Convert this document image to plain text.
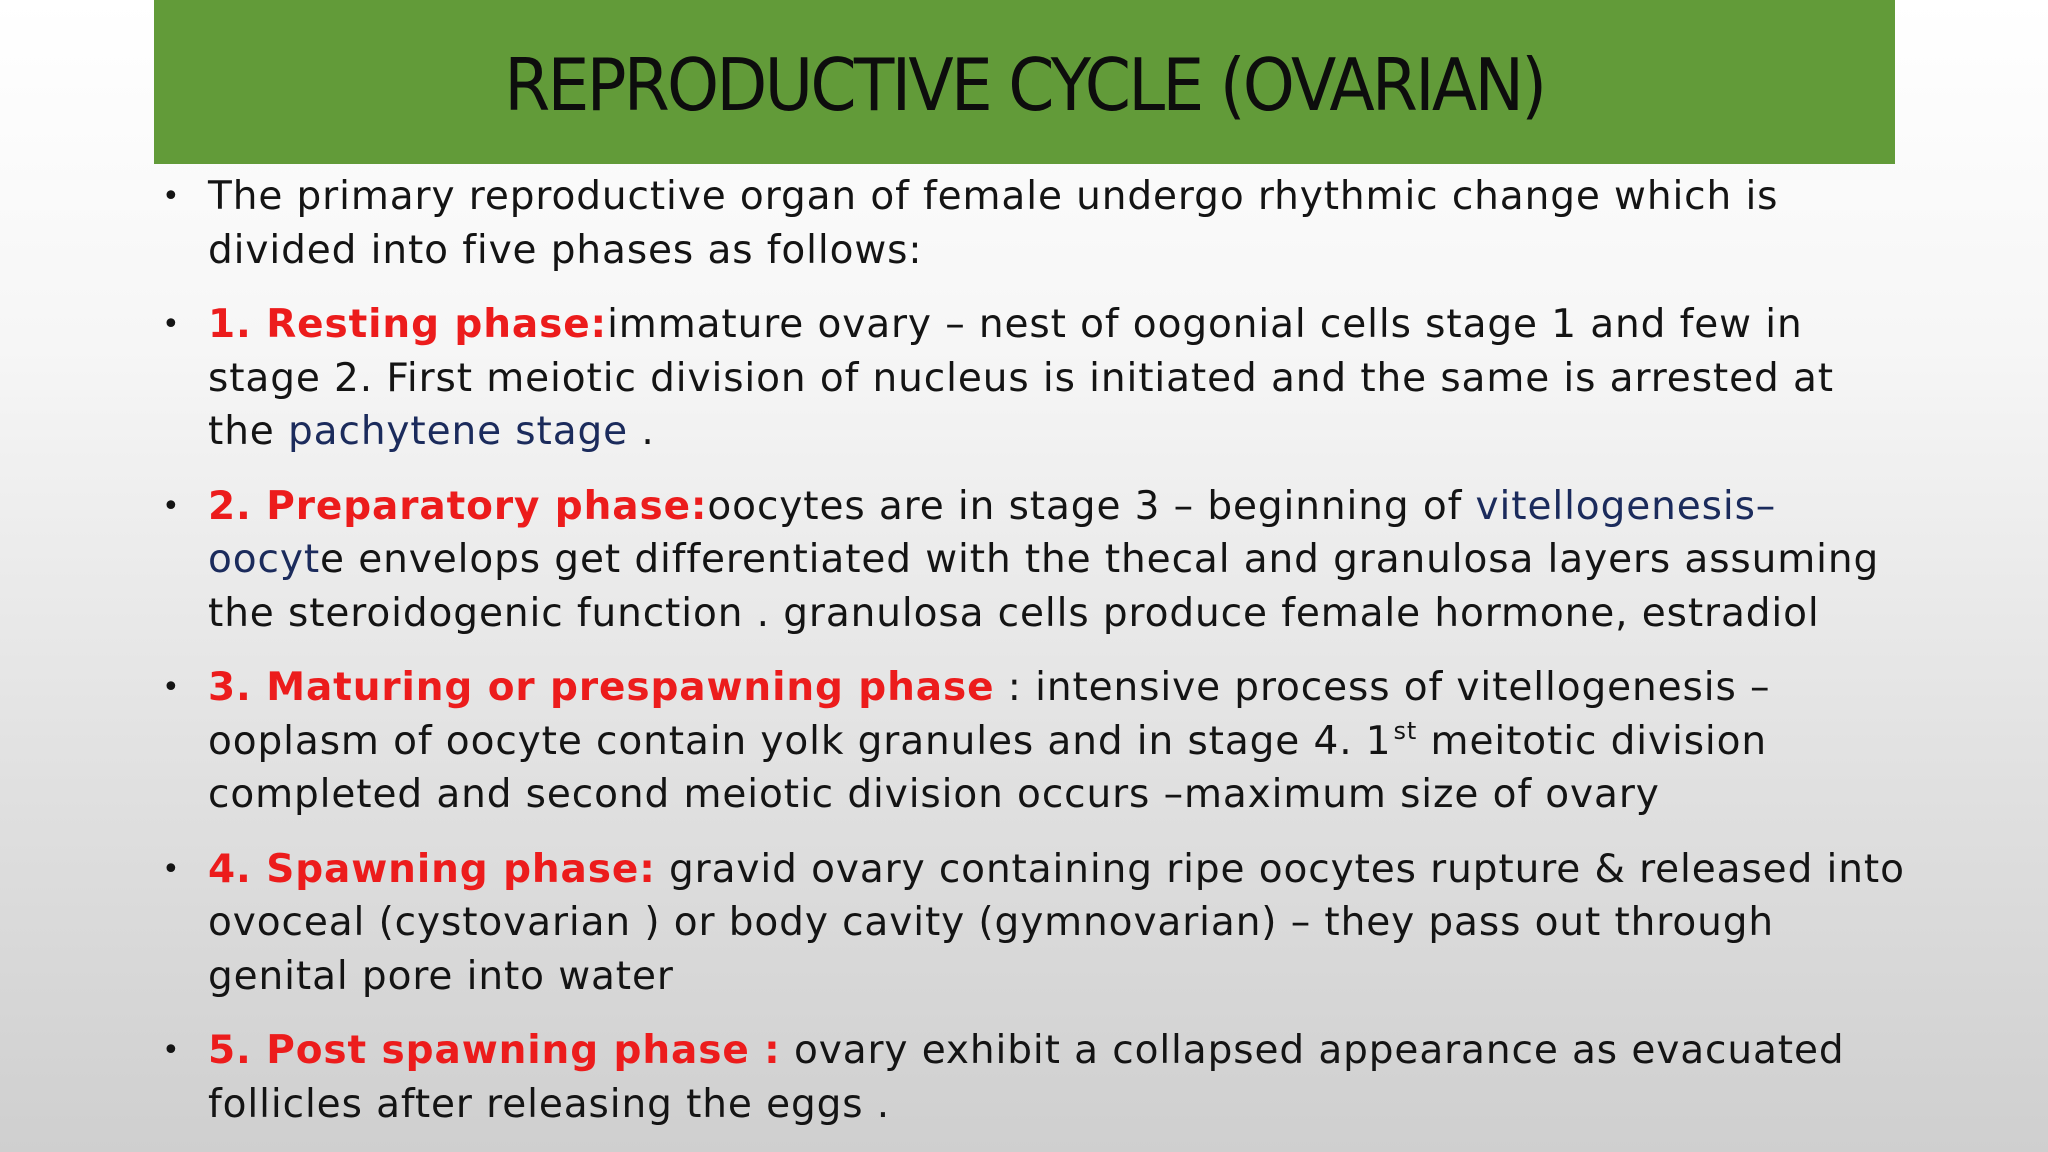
REPRODUCTIVE CYCLE (OVARIAN)
• The primary reproductive organ of female undergo rhythmic change which is divided into five phases as follows:
• 1. Resting phase:immature ovary – nest of oogonial cells stage 1 and few in stage 2. First meiotic division of nucleus is initiated and the same is arrested at the pachytene stage .
• 2. Preparatory phase:oocytes are in stage 3 – beginning of vitellogenesis–oocyte envelops get differentiated with the thecal and granulosa layers assuming the steroidogenic function . granulosa cells produce female hormone, estradiol
• 3. Maturing or prespawning phase : intensive process of vitellogenesis –ooplasm of oocyte contain yolk granules and in stage 4. 1st meitotic division completed and second meiotic division occurs –maximum size of ovary
• 4. Spawning phase: gravid ovary containing ripe oocytes rupture & released into ovoceal (cystovarian ) or body cavity (gymnovarian) – they pass out through genital pore into water
• 5. Post spawning phase : ovary exhibit a collapsed appearance as evacuated follicles after releasing the eggs .
